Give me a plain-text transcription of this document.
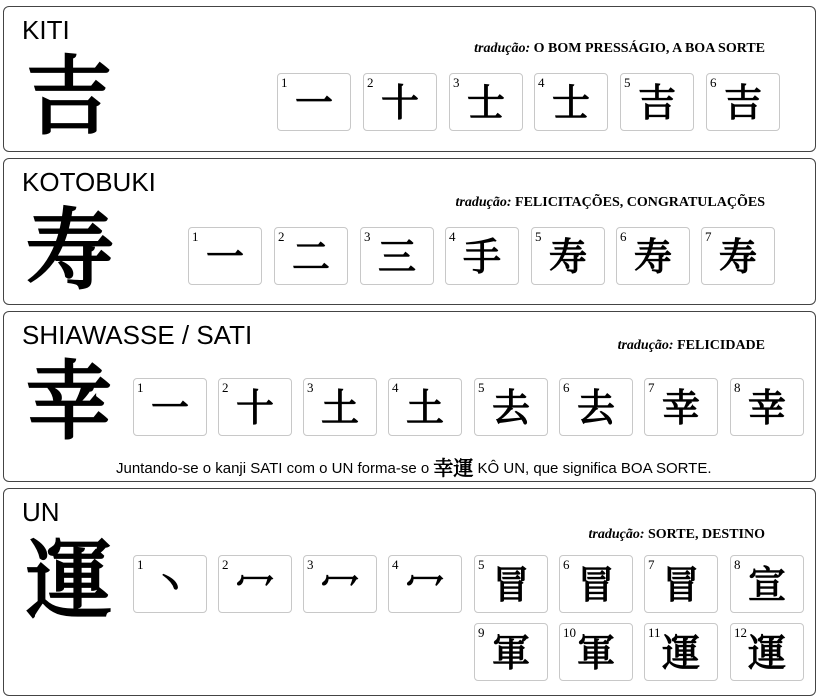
KITI
tradução: O BOM PRESSÁGIO, A BOA SORTE
吉	1 一	2 十	3 士	4 士	5 吉	6 吉
KOTOBUKI
tradução: FELICITAÇÕES, CONGRATULAÇÕES
寿	1 一	2 二	3 三	4 手	5 寿	6 寿	7 寿
SHIAWASSE / SATI	tradução: FELICIDADE
幸 1 一	2 十	3 土	4 土	5 去	6 去	7 幸	8 幸
Juntando-se o kanji SATI com o UN forma-se o 幸運 KÔ UN, que significa BOA SORTE.
UN
tradução: SORTE, DESTINO
運 1 丶	2 冖	3 冖	4 冖	5 冒	6 冒	7 冒	8 宣
9 軍	10 軍	11 運	12 運
